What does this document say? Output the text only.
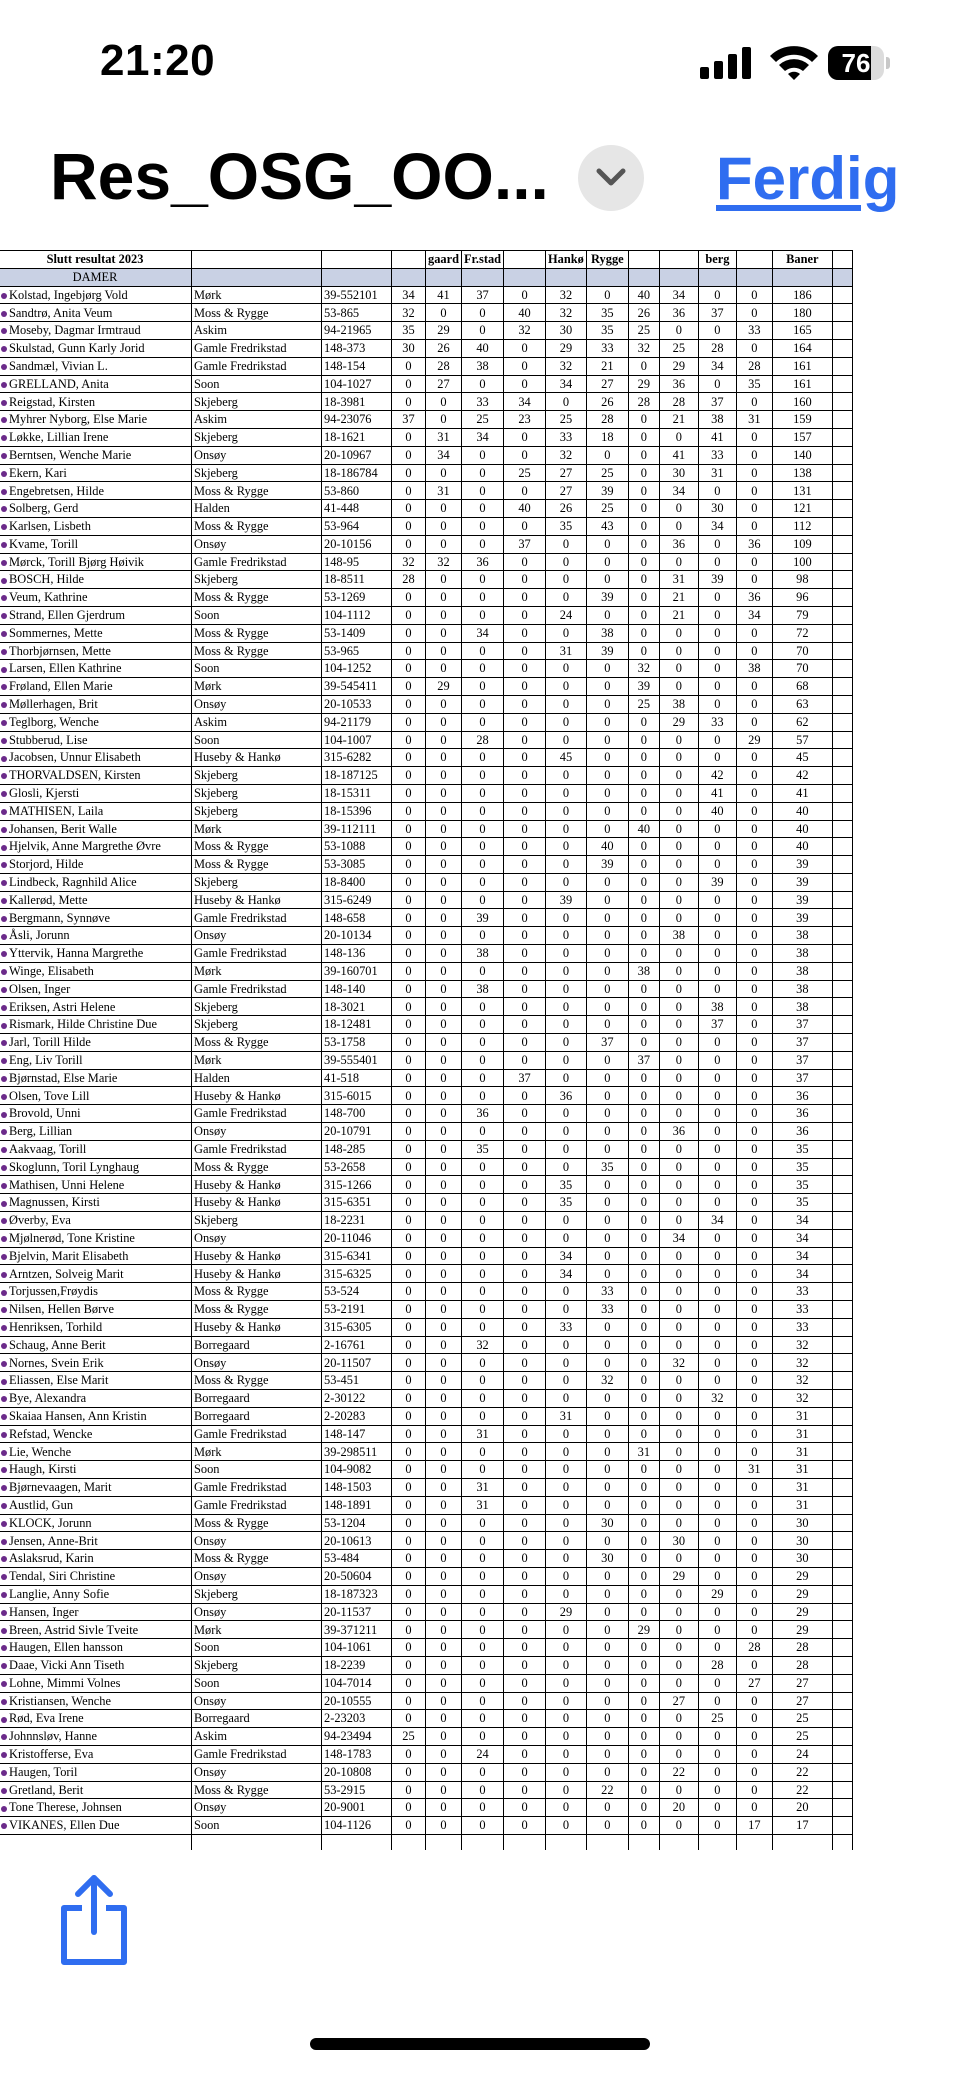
21:20	76
Res_OSG_OO...	Ferdig
Slutt resultat 2023				gaard	Fr.stad		Hankø	Rygge			berg		Baner	
DAMER														
Kolstad, Ingebjørg Vold	Mørk	39-552101	34	41	37	0	32	0	40	34	0	0	186	
Sandtrø, Anita Veum	Moss & Rygge	53-865	32	0	0	40	32	35	26	36	37	0	180	
Moseby, Dagmar Irmtraud	Askim	94-21965	35	29	0	32	30	35	25	0	0	33	165	
Skulstad, Gunn Karly Jorid	Gamle Fredrikstad	148-373	30	26	40	0	29	33	32	25	28	0	164	
Sandmæl, Vivian L.	Gamle Fredrikstad	148-154	0	28	38	0	32	21	0	29	34	28	161	
GRELLAND, Anita	Soon	104-1027	0	27	0	0	34	27	29	36	0	35	161	
Reigstad, Kirsten	Skjeberg	18-3981	0	0	33	34	0	26	28	28	37	0	160	
Myhrer Nyborg, Else Marie	Askim	94-23076	37	0	25	23	25	28	0	21	38	31	159	
Løkke, Lillian Irene	Skjeberg	18-1621	0	31	34	0	33	18	0	0	41	0	157	
Berntsen, Wenche Marie	Onsøy	20-10967	0	34	0	0	32	0	0	41	33	0	140	
Ekern, Kari	Skjeberg	18-186784	0	0	0	25	27	25	0	30	31	0	138	
Engebretsen, Hilde	Moss & Rygge	53-860	0	31	0	0	27	39	0	34	0	0	131	
Solberg, Gerd	Halden	41-448	0	0	0	40	26	25	0	0	30	0	121	
Karlsen, Lisbeth	Moss & Rygge	53-964	0	0	0	0	35	43	0	0	34	0	112	
Kvame, Torill	Onsøy	20-10156	0	0	0	37	0	0	0	36	0	36	109	
Mørck, Torill Bjørg Høivik	Gamle Fredrikstad	148-95	32	32	36	0	0	0	0	0	0	0	100	
BOSCH, Hilde	Skjeberg	18-8511	28	0	0	0	0	0	0	31	39	0	98	
Veum, Kathrine	Moss & Rygge	53-1269	0	0	0	0	0	39	0	21	0	36	96	
Strand, Ellen Gjerdrum	Soon	104-1112	0	0	0	0	24	0	0	21	0	34	79	
Sommernes, Mette	Moss & Rygge	53-1409	0	0	34	0	0	38	0	0	0	0	72	
Thorbjørnsen, Mette	Moss & Rygge	53-965	0	0	0	0	31	39	0	0	0	0	70	
Larsen, Ellen Kathrine	Soon	104-1252	0	0	0	0	0	0	32	0	0	38	70	
Frøland, Ellen Marie	Mørk	39-545411	0	29	0	0	0	0	39	0	0	0	68	
Møllerhagen, Brit	Onsøy	20-10533	0	0	0	0	0	0	25	38	0	0	63	
Teglborg, Wenche	Askim	94-21179	0	0	0	0	0	0	0	29	33	0	62	
Stubberud, Lise	Soon	104-1007	0	0	28	0	0	0	0	0	0	29	57	
Jacobsen, Unnur Elisabeth	Huseby & Hankø	315-6282	0	0	0	0	45	0	0	0	0	0	45	
THORVALDSEN, Kirsten	Skjeberg	18-187125	0	0	0	0	0	0	0	0	42	0	42	
Glosli, Kjersti	Skjeberg	18-15311	0	0	0	0	0	0	0	0	41	0	41	
MATHISEN, Laila	Skjeberg	18-15396	0	0	0	0	0	0	0	0	40	0	40	
Johansen, Berit Walle	Mørk	39-112111	0	0	0	0	0	0	40	0	0	0	40	
Hjelvik, Anne Margrethe Øvre	Moss & Rygge	53-1088	0	0	0	0	0	40	0	0	0	0	40	
Storjord, Hilde	Moss & Rygge	53-3085	0	0	0	0	0	39	0	0	0	0	39	
Lindbeck, Ragnhild Alice	Skjeberg	18-8400	0	0	0	0	0	0	0	0	39	0	39	
Kallerød, Mette	Huseby & Hankø	315-6249	0	0	0	0	39	0	0	0	0	0	39	
Bergmann, Synnøve	Gamle Fredrikstad	148-658	0	0	39	0	0	0	0	0	0	0	39	
Åsli, Jorunn	Onsøy	20-10134	0	0	0	0	0	0	0	38	0	0	38	
Yttervik, Hanna Margrethe	Gamle Fredrikstad	148-136	0	0	38	0	0	0	0	0	0	0	38	
Winge, Elisabeth	Mørk	39-160701	0	0	0	0	0	0	38	0	0	0	38	
Olsen, Inger	Gamle Fredrikstad	148-140	0	0	38	0	0	0	0	0	0	0	38	
Eriksen, Astri Helene	Skjeberg	18-3021	0	0	0	0	0	0	0	0	38	0	38	
Rismark, Hilde Christine Due	Skjeberg	18-12481	0	0	0	0	0	0	0	0	37	0	37	
Jarl, Torill Hilde	Moss & Rygge	53-1758	0	0	0	0	0	37	0	0	0	0	37	
Eng, Liv Torill	Mørk	39-555401	0	0	0	0	0	0	37	0	0	0	37	
Bjørnstad, Else Marie	Halden	41-518	0	0	0	37	0	0	0	0	0	0	37	
Olsen, Tove Lill	Huseby & Hankø	315-6015	0	0	0	0	36	0	0	0	0	0	36	
Brovold, Unni	Gamle Fredrikstad	148-700	0	0	36	0	0	0	0	0	0	0	36	
Berg, Lillian	Onsøy	20-10791	0	0	0	0	0	0	0	36	0	0	36	
Aakvaag, Torill	Gamle Fredrikstad	148-285	0	0	35	0	0	0	0	0	0	0	35	
Skoglunn, Toril Lynghaug	Moss & Rygge	53-2658	0	0	0	0	0	35	0	0	0	0	35	
Mathisen, Unni Helene	Huseby & Hankø	315-1266	0	0	0	0	35	0	0	0	0	0	35	
Magnussen, Kirsti	Huseby & Hankø	315-6351	0	0	0	0	35	0	0	0	0	0	35	
Øverby, Eva	Skjeberg	18-2231	0	0	0	0	0	0	0	0	34	0	34	
Mjølnerød, Tone Kristine	Onsøy	20-11046	0	0	0	0	0	0	0	34	0	0	34	
Bjelvin, Marit Elisabeth	Huseby & Hankø	315-6341	0	0	0	0	34	0	0	0	0	0	34	
Arntzen, Solveig Marit	Huseby & Hankø	315-6325	0	0	0	0	34	0	0	0	0	0	34	
Torjussen,Frøydis	Moss & Rygge	53-524	0	0	0	0	0	33	0	0	0	0	33	
Nilsen, Hellen Børve	Moss & Rygge	53-2191	0	0	0	0	0	33	0	0	0	0	33	
Henriksen, Torhild	Huseby & Hankø	315-6305	0	0	0	0	33	0	0	0	0	0	33	
Schaug, Anne Berit	Borregaard	2-16761	0	0	32	0	0	0	0	0	0	0	32	
Nornes, Svein Erik	Onsøy	20-11507	0	0	0	0	0	0	0	32	0	0	32	
Eliassen, Else Marit	Moss & Rygge	53-451	0	0	0	0	0	32	0	0	0	0	32	
Bye, Alexandra	Borregaard	2-30122	0	0	0	0	0	0	0	0	32	0	32	
Skaiaa Hansen, Ann Kristin	Borregaard	2-20283	0	0	0	0	31	0	0	0	0	0	31	
Refstad, Wencke	Gamle Fredrikstad	148-147	0	0	31	0	0	0	0	0	0	0	31	
Lie, Wenche	Mørk	39-298511	0	0	0	0	0	0	31	0	0	0	31	
Haugh, Kirsti	Soon	104-9082	0	0	0	0	0	0	0	0	0	31	31	
Bjørnevaagen, Marit	Gamle Fredrikstad	148-1503	0	0	31	0	0	0	0	0	0	0	31	
Austlid, Gun	Gamle Fredrikstad	148-1891	0	0	31	0	0	0	0	0	0	0	31	
KLOCK, Jorunn	Moss & Rygge	53-1204	0	0	0	0	0	30	0	0	0	0	30	
Jensen, Anne-Brit	Onsøy	20-10613	0	0	0	0	0	0	0	30	0	0	30	
Aslaksrud, Karin	Moss & Rygge	53-484	0	0	0	0	0	30	0	0	0	0	30	
Tendal, Siri Christine	Onsøy	20-50604	0	0	0	0	0	0	0	29	0	0	29	
Langlie, Anny Sofie	Skjeberg	18-187323	0	0	0	0	0	0	0	0	29	0	29	
Hansen, Inger	Onsøy	20-11537	0	0	0	0	29	0	0	0	0	0	29	
Breen, Astrid Sivle Tveite	Mørk	39-371211	0	0	0	0	0	0	29	0	0	0	29	
Haugen, Ellen hansson	Soon	104-1061	0	0	0	0	0	0	0	0	0	28	28	
Daae, Vicki Ann Tiseth	Skjeberg	18-2239	0	0	0	0	0	0	0	0	28	0	28	
Lohne, Mimmi Volnes	Soon	104-7014	0	0	0	0	0	0	0	0	0	27	27	
Kristiansen, Wenche	Onsøy	20-10555	0	0	0	0	0	0	0	27	0	0	27	
Rød, Eva Irene	Borregaard	2-23203	0	0	0	0	0	0	0	0	25	0	25	
Johnnsløv, Hanne	Askim	94-23494	25	0	0	0	0	0	0	0	0	0	25	
Kristofferse, Eva	Gamle Fredrikstad	148-1783	0	0	24	0	0	0	0	0	0	0	24	
Haugen, Toril	Onsøy	20-10808	0	0	0	0	0	0	0	22	0	0	22	
Gretland, Berit	Moss & Rygge	53-2915	0	0	0	0	0	22	0	0	0	0	22	
Tone Therese, Johnsen	Onsøy	20-9001	0	0	0	0	0	0	0	20	0	0	20	
VIKANES, Ellen Due	Soon	104-1126	0	0	0	0	0	0	0	0	0	17	17	
